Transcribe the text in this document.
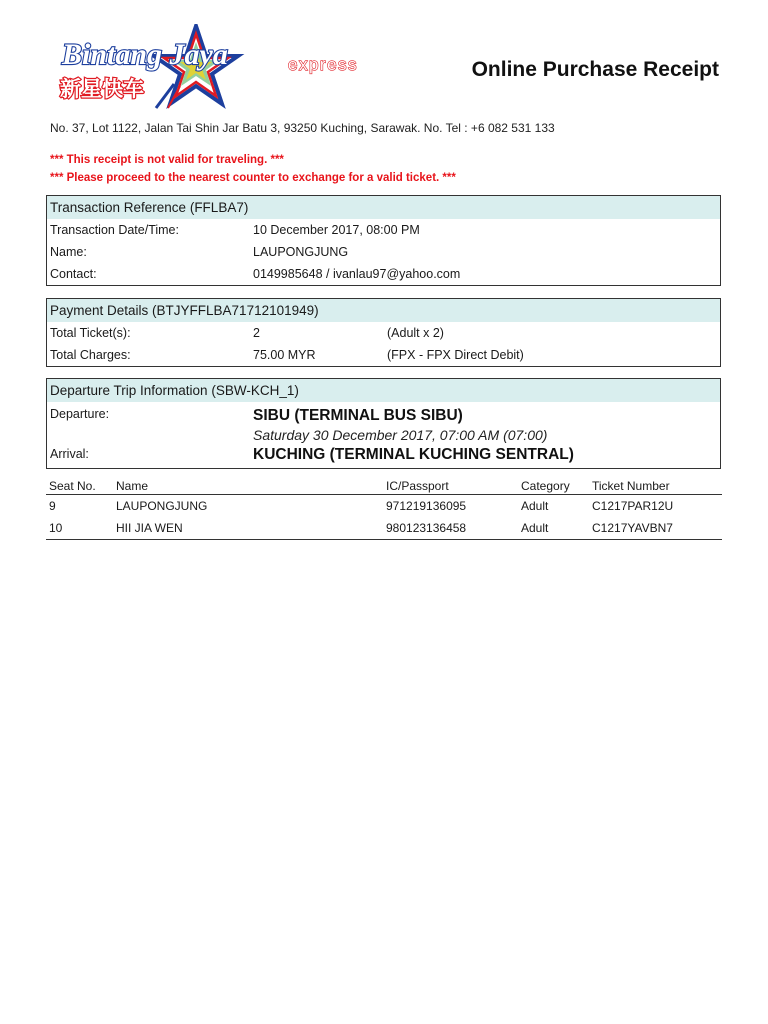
Bintang Jaya	express
新星快车
Online Purchase Receipt
No. 37, Lot 1122, Jalan Tai Shin Jar Batu 3, 93250 Kuching, Sarawak. No. Tel : +6 082 531 133
*** This receipt is not valid for traveling. ***
*** Please proceed to the nearest counter to exchange for a valid ticket. ***
Transaction Reference (FFLBA7)
Transaction Date/Time:	10 December 2017, 08:00 PM
Name:	LAUPONGJUNG
Contact:	0149985648 / ivanlau97@yahoo.com
Payment Details (BTJYFFLBA71712101949)
Total Ticket(s):	2	(Adult x 2)
Total Charges:	75.00 MYR	(FPX - FPX Direct Debit)
Departure Trip Information (SBW-KCH_1)
Departure:	SIBU (TERMINAL BUS SIBU)
Saturday 30 December 2017, 07:00 AM (07:00)
Arrival:	KUCHING (TERMINAL KUCHING SENTRAL)
Seat No.	Name	IC/Passport	Category	Ticket Number
9	LAUPONGJUNG	971219136095	Adult	C1217PAR12U
10	HII JIA WEN	980123136458	Adult	C1217YAVBN7
